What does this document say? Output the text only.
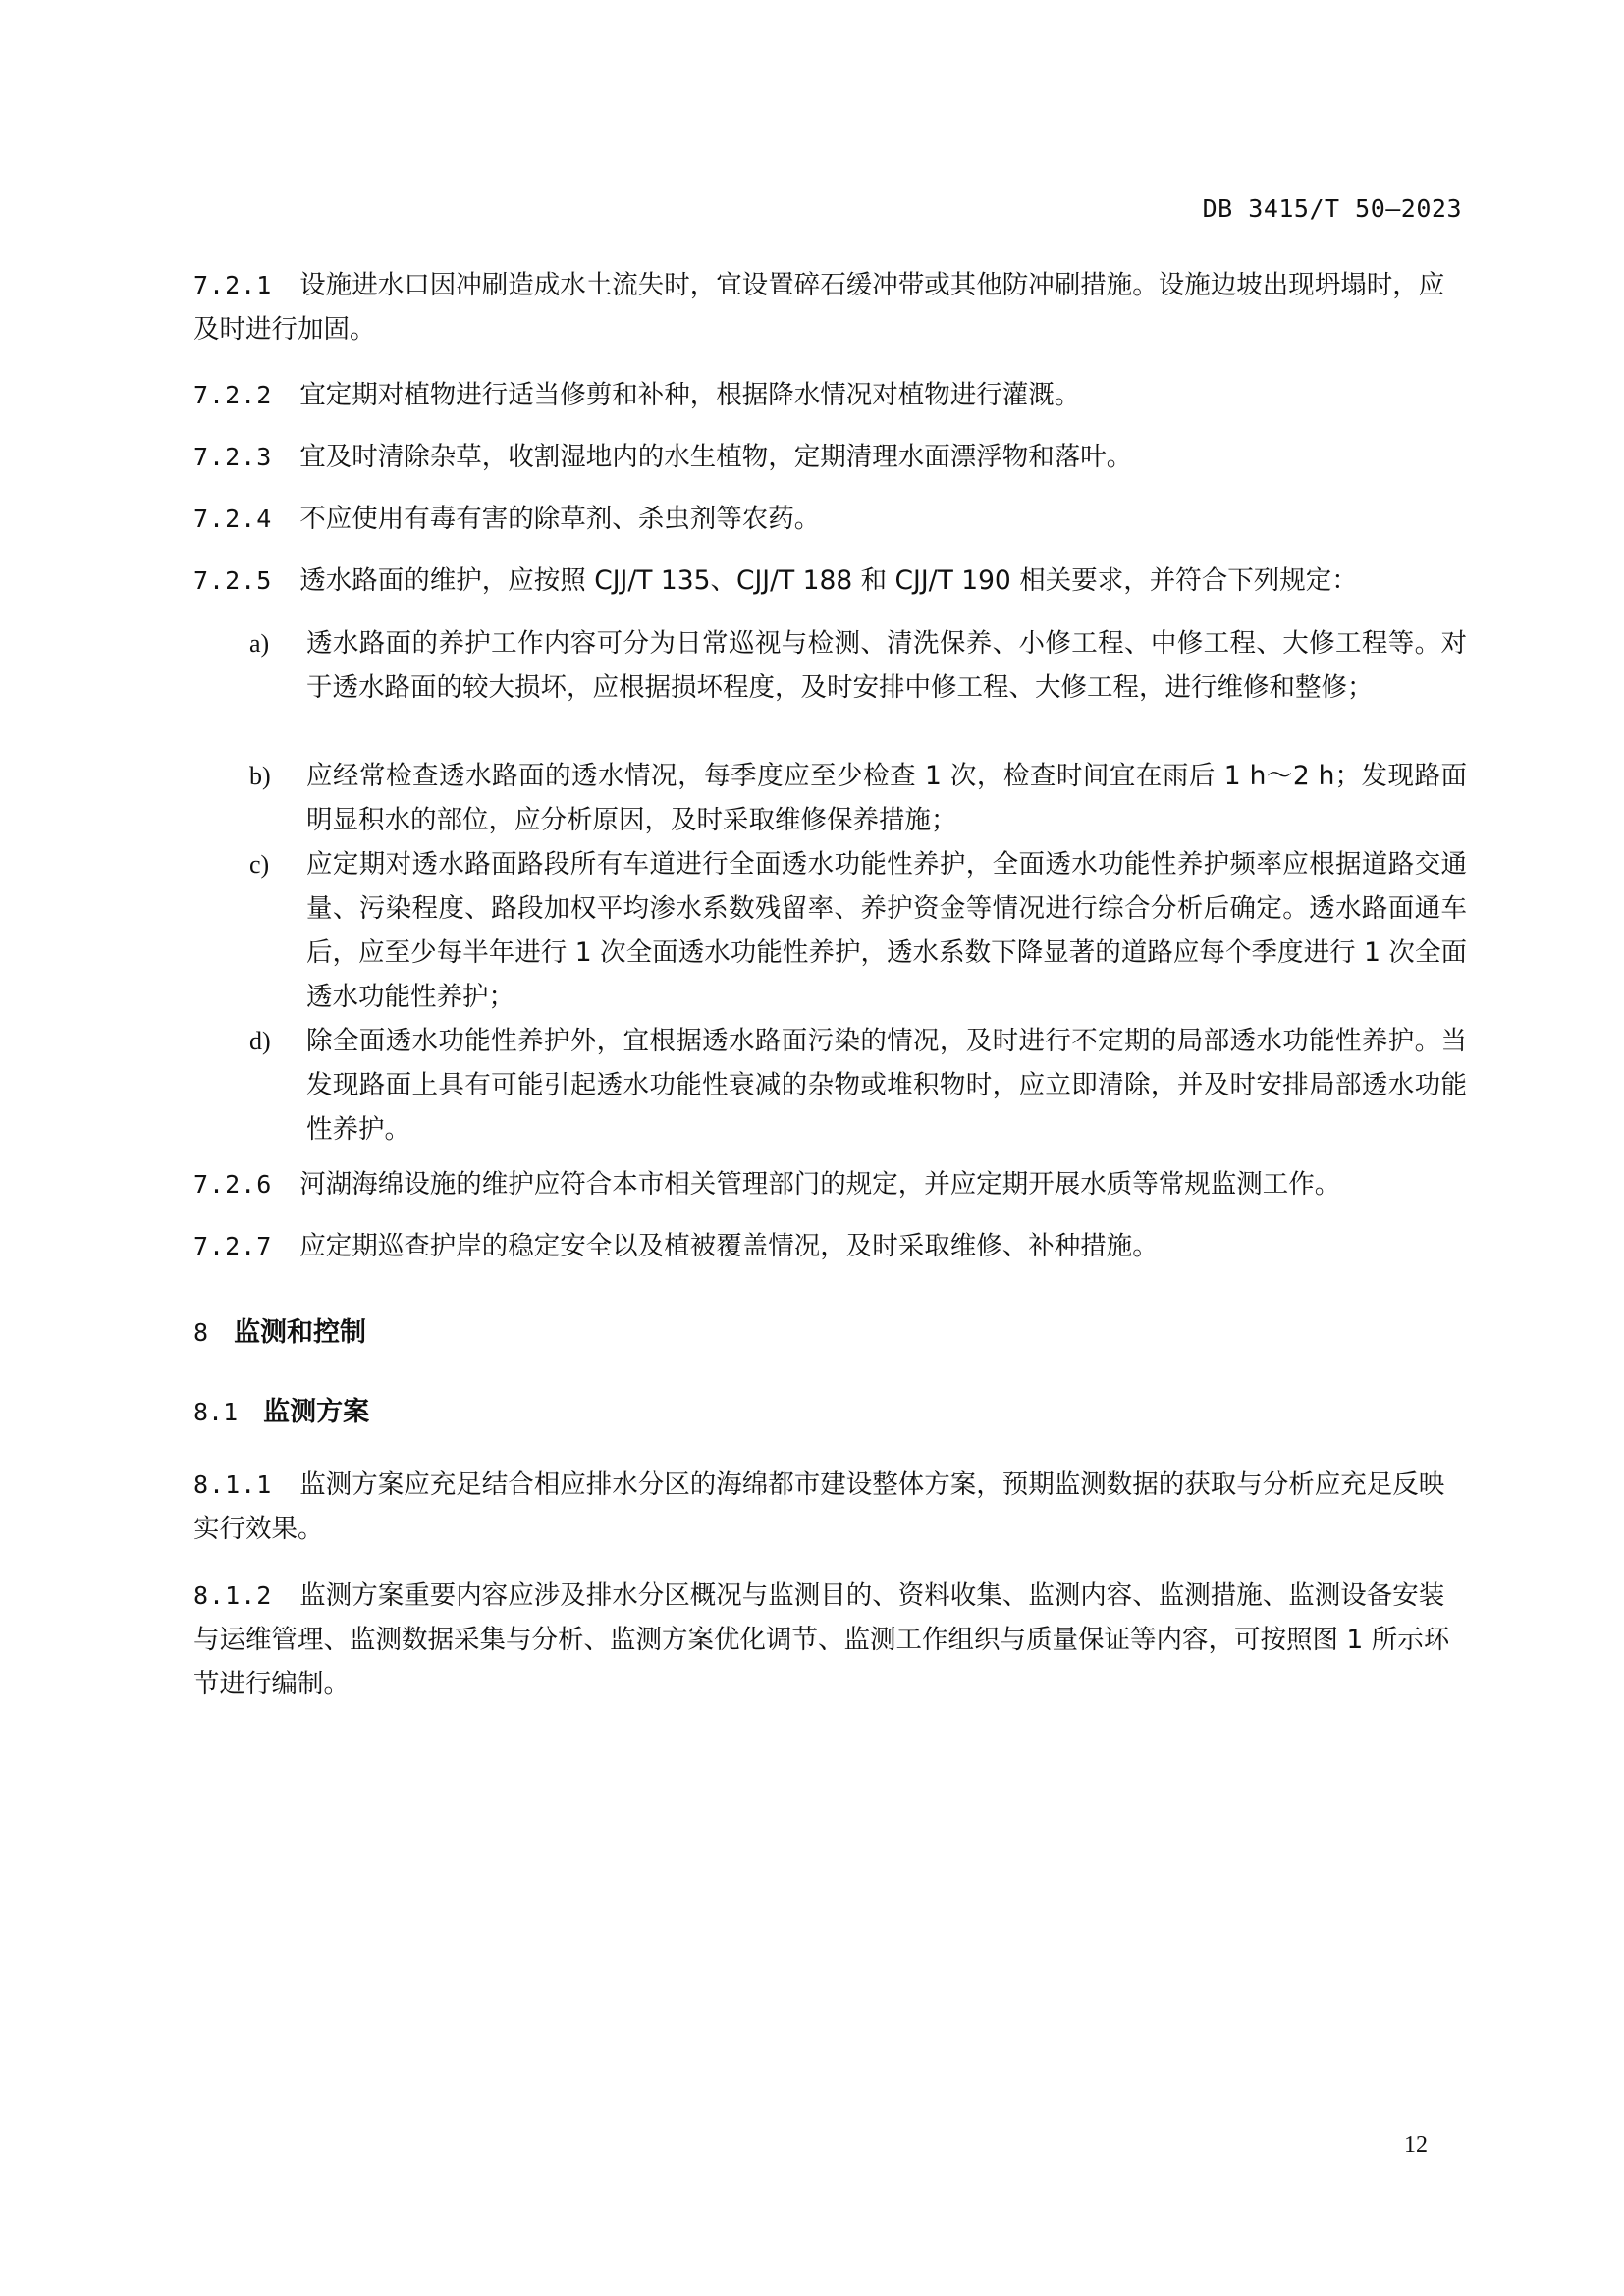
DB 3415/T 50—2023
7.2.1 设施进水口因冲刷造成水土流失时，宜设置碎石缓冲带或其他防冲刷措施。设施边坡出现坍塌时，应及时进行加固。
7.2.2 宜定期对植物进行适当修剪和补种，根据降水情况对植物进行灌溉。
7.2.3 宜及时清除杂草，收割湿地内的水生植物，定期清理水面漂浮物和落叶。
7.2.4 不应使用有毒有害的除草剂、杀虫剂等农药。
7.2.5 透水路面的维护，应按照 CJJ/T 135、CJJ/T 188 和 CJJ/T 190 相关要求，并符合下列规定：
a) 透水路面的养护工作内容可分为日常巡视与检测、清洗保养、小修工程、中修工程、大修工程等。对于透水路面的较大损坏，应根据损坏程度，及时安排中修工程、大修工程，进行维修和整修；
b) 应经常检查透水路面的透水情况，每季度应至少检查 1 次，检查时间宜在雨后 1 h～2 h；发现路面明显积水的部位，应分析原因，及时采取维修保养措施；
c) 应定期对透水路面路段所有车道进行全面透水功能性养护，全面透水功能性养护频率应根据道路交通量、污染程度、路段加权平均渗水系数残留率、养护资金等情况进行综合分析后确定。透水路面通车后，应至少每半年进行 1 次全面透水功能性养护，透水系数下降显著的道路应每个季度进行 1 次全面透水功能性养护；
d) 除全面透水功能性养护外，宜根据透水路面污染的情况，及时进行不定期的局部透水功能性养护。当发现路面上具有可能引起透水功能性衰减的杂物或堆积物时，应立即清除，并及时安排局部透水功能性养护。
7.2.6 河湖海绵设施的维护应符合本市相关管理部门的规定，并应定期开展水质等常规监测工作。
7.2.7 应定期巡查护岸的稳定安全以及植被覆盖情况，及时采取维修、补种措施。
8 监测和控制
8.1 监测方案
8.1.1 监测方案应充足结合相应排水分区的海绵都市建设整体方案，预期监测数据的获取与分析应充足反映实行效果。
8.1.2 监测方案重要内容应涉及排水分区概况与监测目的、资料收集、监测内容、监测措施、监测设备安装与运维管理、监测数据采集与分析、监测方案优化调节、监测工作组织与质量保证等内容，可按照图 1 所示环节进行编制。
12
